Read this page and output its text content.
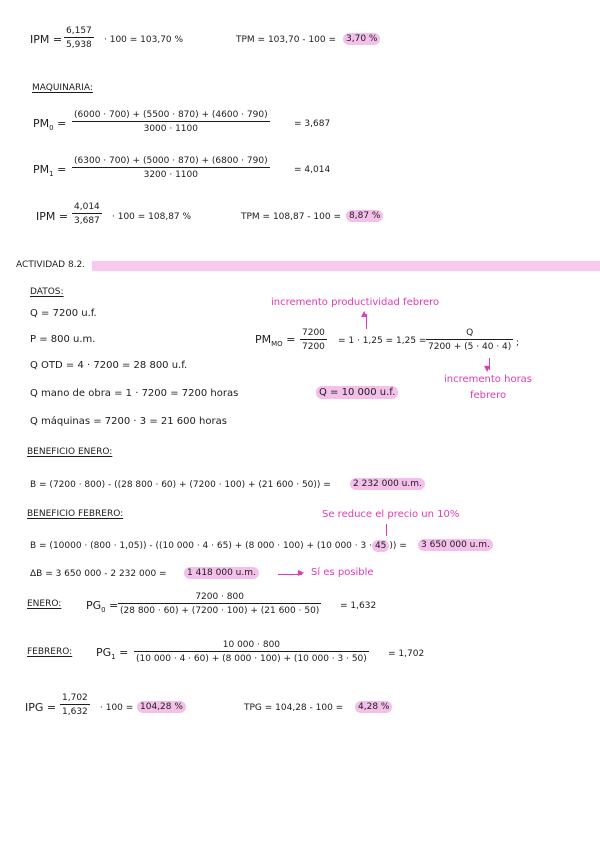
IPM =
6,157
5,938 · 100 = 103,70 %	TPM = 103,70 - 100 =	3,70 %
MAQUINARIA:
$PM_0$ =
(6000 · 700) + (5500 · 870) + (4600 · 790)
3000 · 1100	= 3,687
$PM_1$ =
(6300 · 700) + (5000 · 870) + (6800 · 790)
3200 · 1100	= 4,014
IPM =
4,014
3,687 · 100 = 108,87 %	TPM = 108,87 - 100 = 8,87 %
ACTIVIDAD 8.2.
DATOS:
Q = 7200 u.f.
P = 800 u.m.
Q OTD = 4 · 7200 = 28 800 u.f.
Q mano de obra = 1 · 7200 = 7200 horas
Q máquinas = 7200 · 3 = 21 600 horas
incremento productividad febrero
▲
$PM_{MO} = 7200$
7200
= 1 · 1,25 = 1,25 =
Q
7200 + (5 · 40 · 4) ;
▼
incremento horas
febrero
Q = 10 000 u.f.
BENEFICIO ENERO:
B = (7200 · 800) - ((28 800 · 60) + (7200 · 100) + (21 600 · 50)) =	2 232 000 u.m.
BENEFICIO FEBRERO:	Se reduce el precio un 10%
B = (10000 · (800 · 1,05)) - ((10 000 · 4 · 65) + (8 000 · 100) + (10 000 · 3 · 45 )) =	3 650 000 u.m.
ΔB = 3 650 000 - 2 232 000 =	1 418 000 u.m.	▶ Sí es posible
ENERO: $PG_0$ =
7200 · 800
(28 800 · 60) + (7200 · 100) + (21 600 · 50) = 1,632
FEBRERO: $PG_1$ =
10 000 · 800
(10 000 · 4 · 60) + (8 000 · 100) + (10 000 · 3 · 50) = 1,702
IPG =
1,702
1,632 · 100 = 104,28 %	TPG = 104,28 - 100 =	4,28 %
